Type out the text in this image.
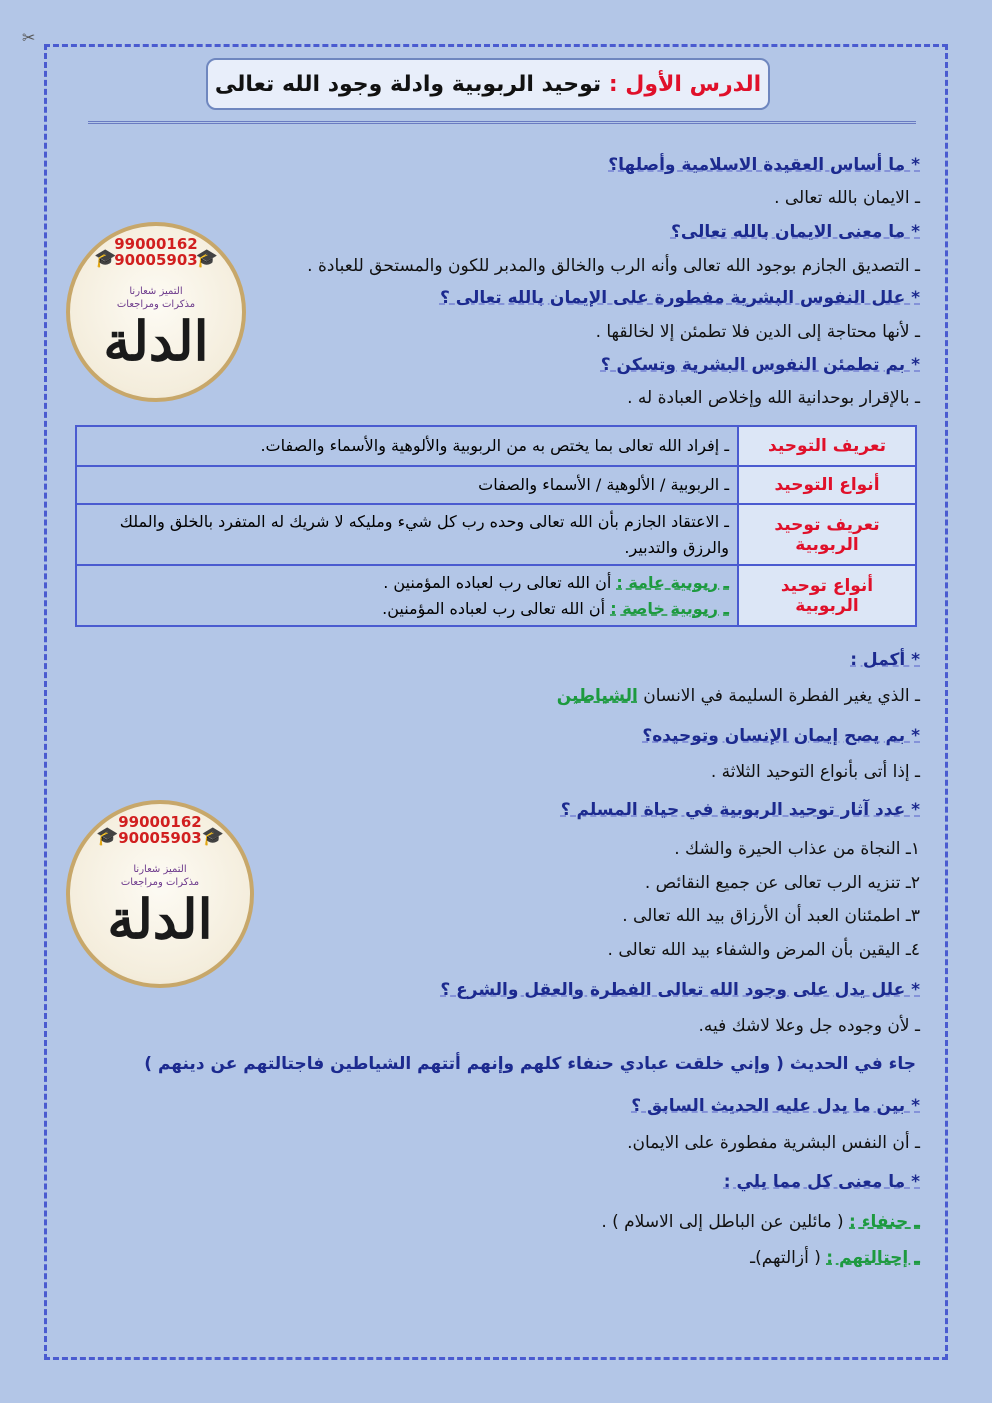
✂
الدرس الأول :

توحيد الربوبية وادلة وجود الله تعالى
🎓	🎓
99000162
90005903
التميز شعارنا
مذكرات ومراجعات
الدلة
* ما أساس العقيدة الاسلامية وأصلها؟
ـ الايمان بالله تعالى .
* ما معنى الايمان بالله تعالى؟
ـ التصديق الجازم بوجود الله تعالى وأنه الرب والخالق والمدبر للكون والمستحق للعبادة .
* علل النفوس البشرية مفطورة على الإيمان بالله تعالى ؟
ـ لأنها محتاجة إلى الدين فلا تطمئن إلا لخالقها .
* بم تطمئن النفوس البشرية وتسكن ؟
ـ بالإقرار بوحدانية الله وإخلاص العبادة له .
تعريف التوحيد	ـ إفراد الله تعالى بما يختص به من الربوبية والألوهية والأسماء والصفات.
أنواع التوحيد	ـ الربوبية / الألوهية / الأسماء والصفات
تعريف توحيد الربوبية	ـ الاعتقاد الجازم بأن الله تعالى وحده رب كل شيء ومليكه لا شريك له المتفرد بالخلق والملك والرزق والتدبير.
أنواع توحيد الربوبية	ـ ربوبية عامة : أن الله تعالى رب لعباده المؤمنين .
ـ ربوبية خاصة : أن الله تعالى رب لعباده المؤمنين.
* أكمل :
ـ الذي يغير الفطرة السليمة في الانسان الشياطين
* بم يصح إيمان الإنسان وتوحيده؟
ـ إذا أتى بأنواع التوحيد الثلاثة .
* عدد آثار توحيد الربوبية في حياة المسلم ؟
١ـ النجاة من عذاب الحيرة والشك .
٢ـ تنزيه الرب تعالى عن جميع النقائص .
٣ـ اطمئنان العبد أن الأرزاق بيد الله تعالى .
٤ـ اليقين بأن المرض والشفاء بيد الله تعالى .
🎓	🎓
99000162
90005903
التميز شعارنا
مذكرات ومراجعات
الدلة
* علل يدل على وجود الله تعالى الفطرة والعقل والشرع ؟
ـ لأن وجوده جل وعلا لاشك فيه.
جاء في الحديث ( وإني خلقت عبادي حنفاء كلهم وإنهم أتتهم الشياطين فاجتالتهم عن دينهم )
* بين ما يدل عليه الحديث السابق ؟
ـ أن النفس البشرية مفطورة على الايمان.
* ما معنى كل مما يلي :
ـ حنفاء : ( مائلين عن الباطل إلى الاسلام ) .
ـ إجتالتهم : ( أزالتهم)ـ
